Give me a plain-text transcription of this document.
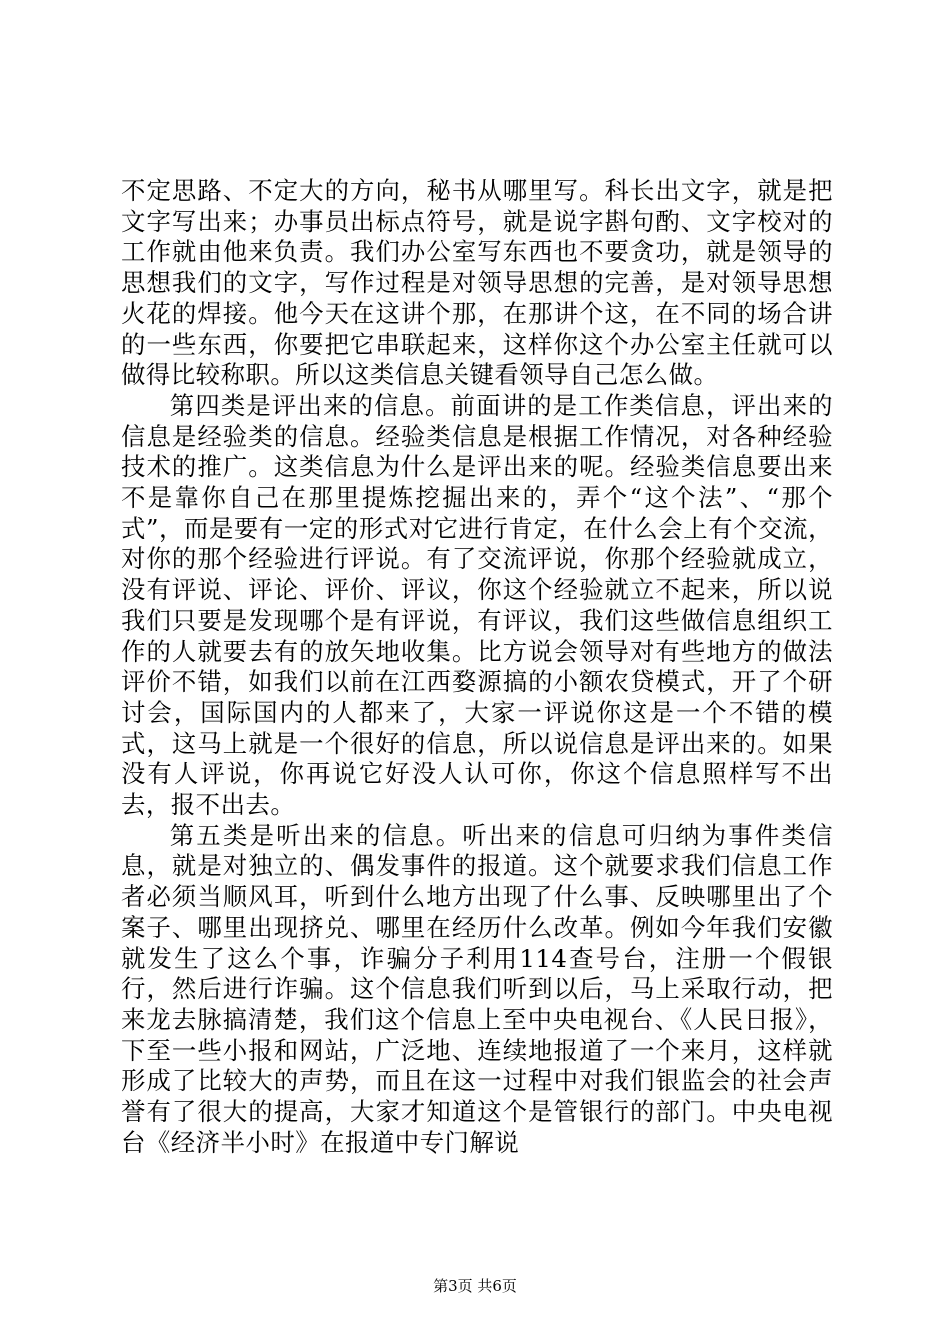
不定思路、不定大的方向，秘书从哪里写。科长出文字，就是把文字写出来；办事员出标点符号，就是说字斟句酌、文字校对的工作就由他来负责。我们办公室写东西也不要贪功，就是领导的思想我们的文字，写作过程是对领导思想的完善，是对领导思想火花的焊接。他今天在这讲个那，在那讲个这，在不同的场合讲的一些东西，你要把它串联起来，这样你这个办公室主任就可以做得比较称职。所以这类信息关键看领导自己怎么做。

第四类是评出来的信息。前面讲的是工作类信息，评出来的信息是经验类的信息。经验类信息是根据工作情况，对各种经验技术的推广。这类信息为什么是评出来的呢。经验类信息要出来不是靠你自己在那里提炼挖掘出来的，弄个“这个法”、“那个式”，而是要有一定的形式对它进行肯定，在什么会上有个交流，对你的那个经验进行评说。有了交流评说，你那个经验就成立，没有评说、评论、评价、评议，你这个经验就立不起来，所以说我们只要是发现哪个是有评说，有评议，我们这些做信息组织工作的人就要去有的放矢地收集。比方说会领导对有些地方的做法评价不错，如我们以前在江西婺源搞的小额农贷模式，开了个研讨会，国际国内的人都来了，大家一评说你这是一个不错的模式，这马上就是一个很好的信息，所以说信息是评出来的。如果没有人评说，你再说它好没人认可你，你这个信息照样写不出去，报不出去。

第五类是听出来的信息。听出来的信息可归纳为事件类信息，就是对独立的、偶发事件的报道。这个就要求我们信息工作者必须当顺风耳，听到什么地方出现了什么事、反映哪里出了个案子、哪里出现挤兑、哪里在经历什么改革。例如今年我们安徽就发生了这么个事，诈骗分子利用114查号台，注册一个假银行，然后进行诈骗。这个信息我们听到以后，马上采取行动，把来龙去脉搞清楚，我们这个信息上至中央电视台、《人民日报》，下至一些小报和网站，广泛地、连续地报道了一个来月，这样就形成了比较大的声势，而且在这一过程中对我们银监会的社会声誉有了很大的提高，大家才知道这个是管银行的部门。中央电视台《经济半小时》在报道中专门解说

第3页 共6页
